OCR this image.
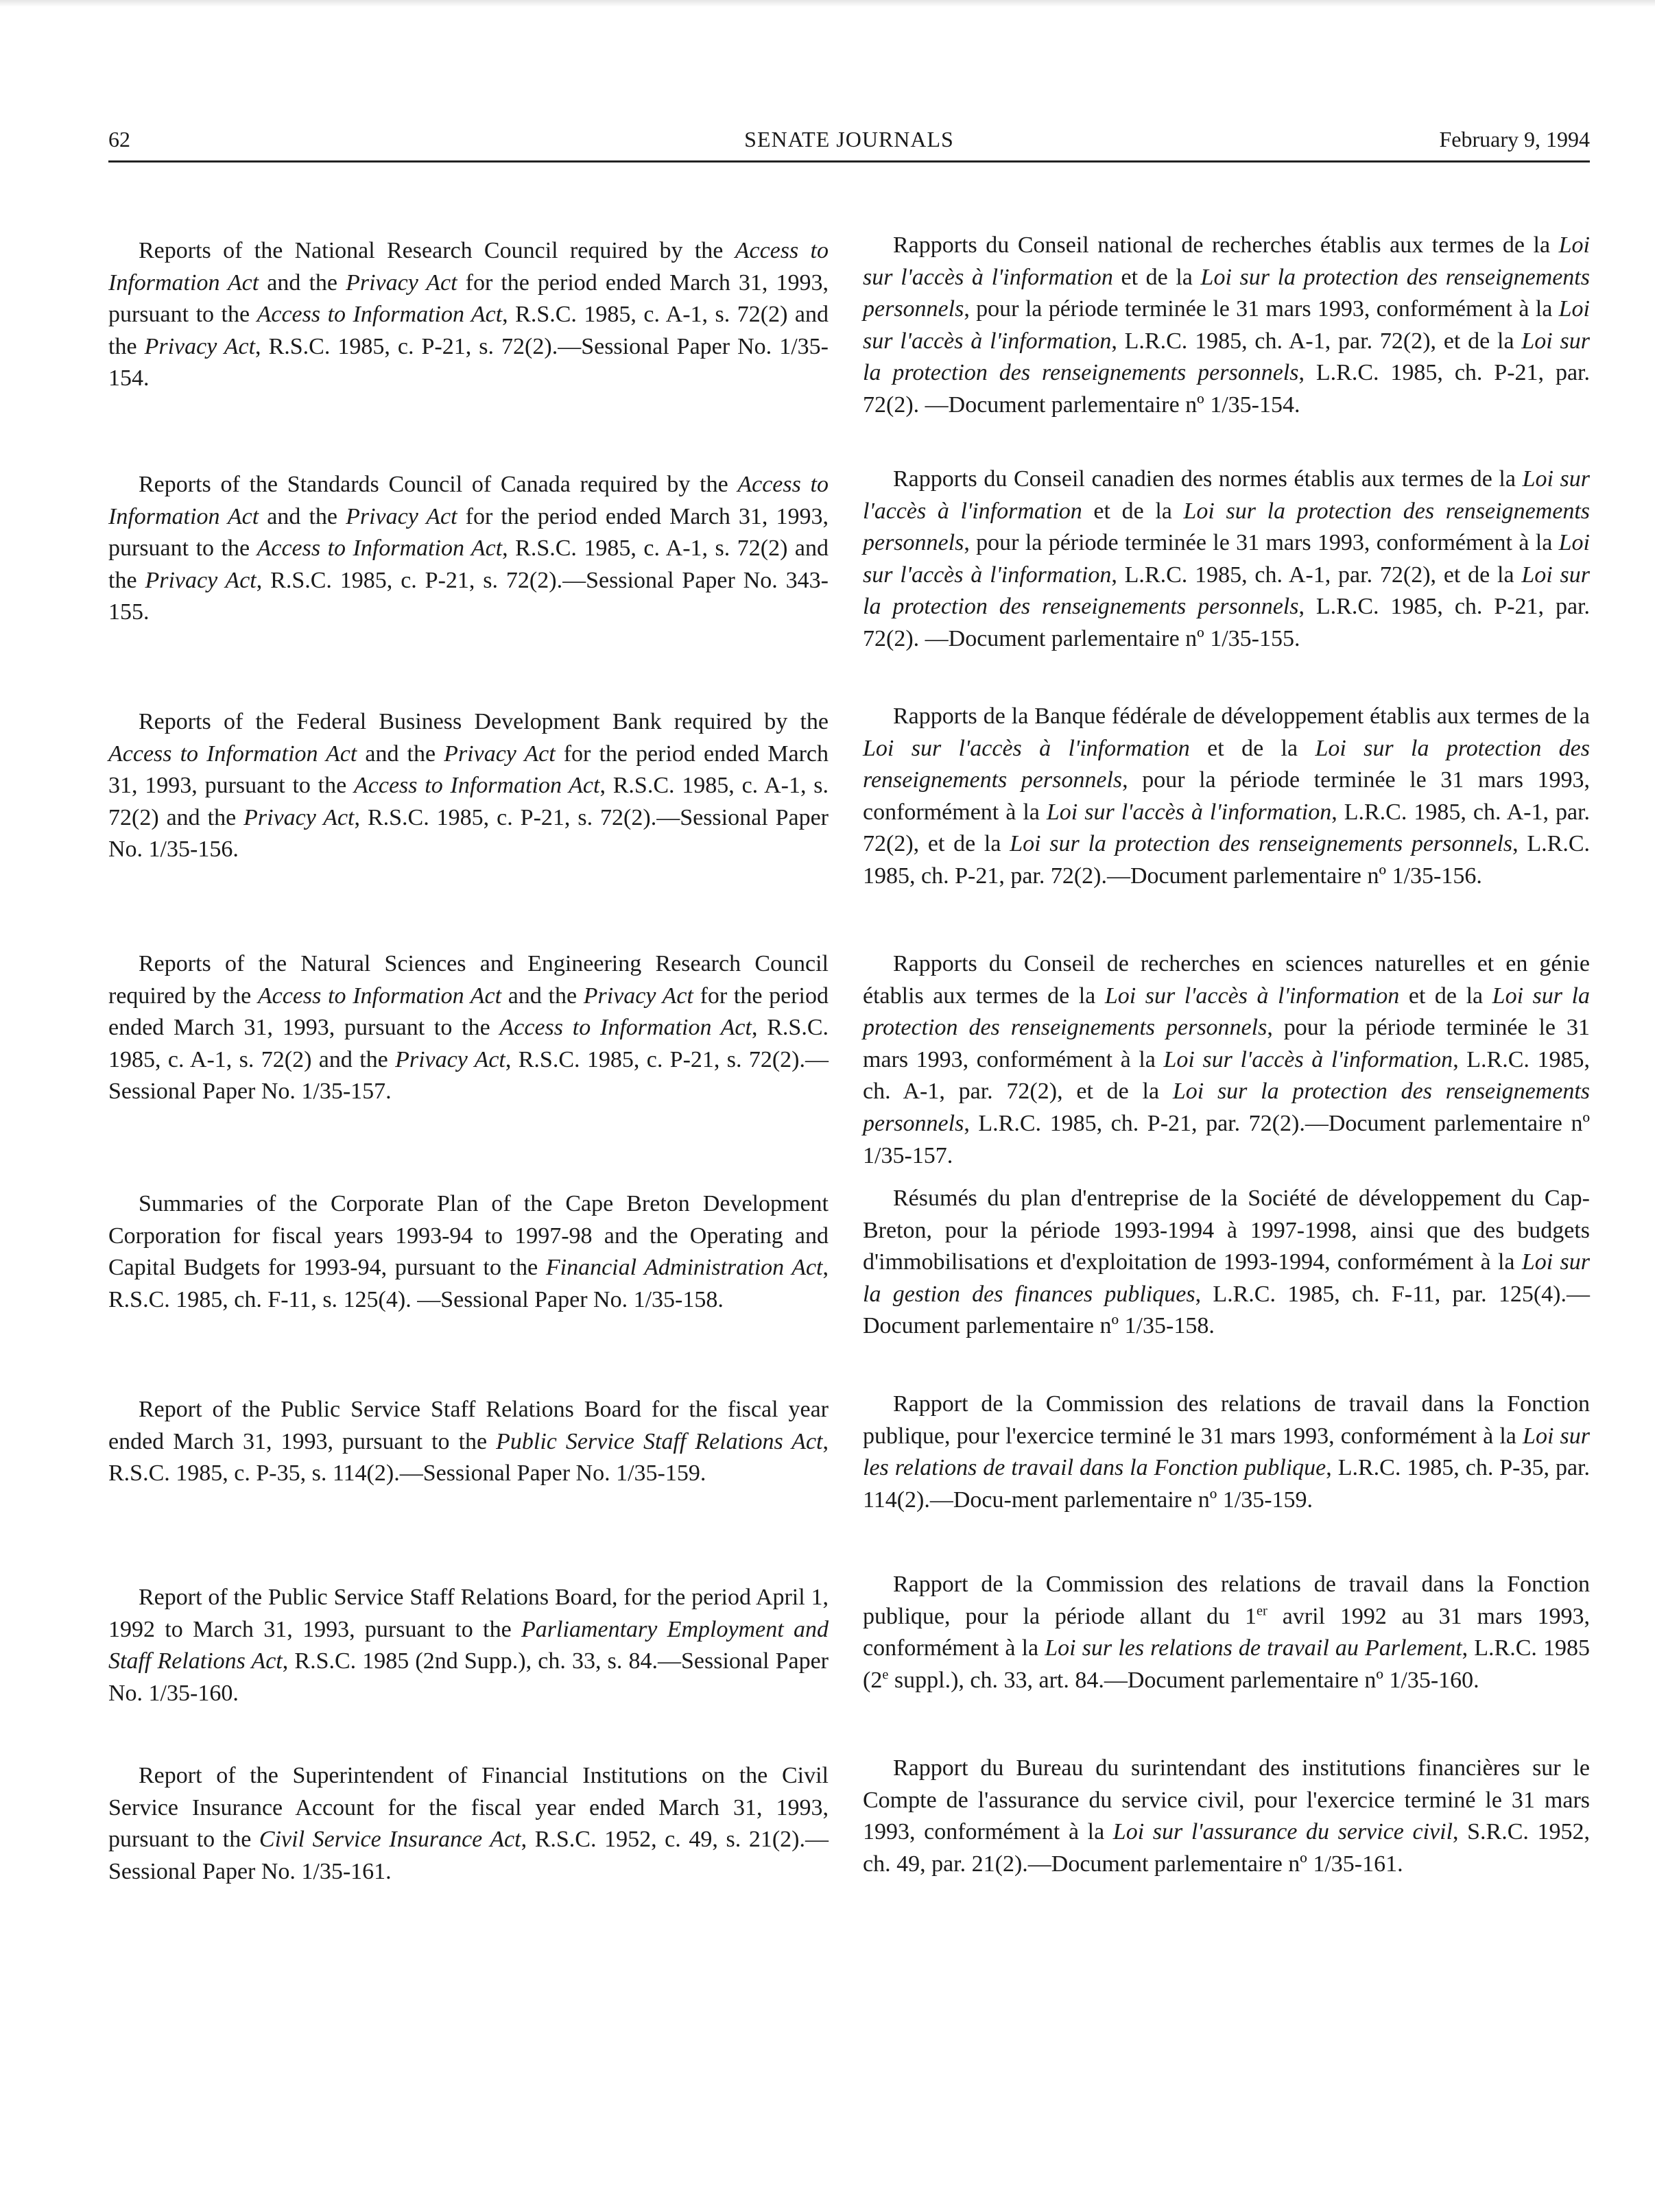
62	SENATE JOURNALS	February 9, 1994

Reports of the National Research Council required by the Access to Information Act and the Privacy Act for the period ended March 31, 1993, pursuant to the Access to Information Act, R.S.C. 1985, c. A-1, s. 72(2) and the Privacy Act, R.S.C. 1985, c. P-21, s. 72(2).—Sessional Paper No. 1/35-154.

Rapports du Conseil national de recherches établis aux termes de la Loi sur l'accès à l'information et de la Loi sur la protection des renseignements personnels, pour la période terminée le 31 mars 1993, conformément à la Loi sur l'accès à l'information, L.R.C. 1985, ch. A-1, par. 72(2), et de la Loi sur la protection des renseignements personnels, L.R.C. 1985, ch. P-21, par. 72(2). —Document parlementaire nº 1/35-154.

Reports of the Standards Council of Canada required by the Access to Information Act and the Privacy Act for the period ended March 31, 1993, pursuant to the Access to Information Act, R.S.C. 1985, c. A-1, s. 72(2) and the Privacy Act, R.S.C. 1985, c. P-21, s. 72(2).—Sessional Paper No. 343-155.

Rapports du Conseil canadien des normes établis aux termes de la Loi sur l'accès à l'information et de la Loi sur la protection des renseignements personnels, pour la période terminée le 31 mars 1993, conformément à la Loi sur l'accès à l'information, L.R.C. 1985, ch. A-1, par. 72(2), et de la Loi sur la protection des renseignements personnels, L.R.C. 1985, ch. P-21, par. 72(2). —Document parlementaire nº 1/35-155.

Reports of the Federal Business Development Bank required by the Access to Information Act and the Privacy Act for the period ended March 31, 1993, pursuant to the Access to Information Act, R.S.C. 1985, c. A-1, s. 72(2) and the Privacy Act, R.S.C. 1985, c. P-21, s. 72(2).—Sessional Paper No. 1/35-156.

Rapports de la Banque fédérale de développement établis aux termes de la Loi sur l'accès à l'information et de la Loi sur la protection des renseignements personnels, pour la période terminée le 31 mars 1993, conformément à la Loi sur l'accès à l'information, L.R.C. 1985, ch. A-1, par. 72(2), et de la Loi sur la protection des renseignements personnels, L.R.C. 1985, ch. P-21, par. 72(2).—Document parlementaire nº 1/35-156.

Reports of the Natural Sciences and Engineering Research Council required by the Access to Information Act and the Privacy Act for the period ended March 31, 1993, pursuant to the Access to Information Act, R.S.C. 1985, c. A-1, s. 72(2) and the Privacy Act, R.S.C. 1985, c. P-21, s. 72(2).—Sessional Paper No. 1/35-157.

Rapports du Conseil de recherches en sciences naturelles et en génie établis aux termes de la Loi sur l'accès à l'information et de la Loi sur la protection des renseignements personnels, pour la période terminée le 31 mars 1993, conformément à la Loi sur l'accès à l'information, L.R.C. 1985, ch. A-1, par. 72(2), et de la Loi sur la protection des renseignements personnels, L.R.C. 1985, ch. P-21, par. 72(2).—Document parlementaire nº 1/35-157.

Summaries of the Corporate Plan of the Cape Breton Development Corporation for fiscal years 1993-94 to 1997-98 and the Operating and Capital Budgets for 1993-94, pursuant to the Financial Administration Act, R.S.C. 1985, ch. F-11, s. 125(4). —Sessional Paper No. 1/35-158.

Résumés du plan d'entreprise de la Société de développement du Cap-Breton, pour la période 1993-1994 à 1997-1998, ainsi que des budgets d'immobilisations et d'exploitation de 1993-1994, conformément à la Loi sur la gestion des finances publiques, L.R.C. 1985, ch. F-11, par. 125(4).—Document parlementaire nº 1/35-158.

Report of the Public Service Staff Relations Board for the fiscal year ended March 31, 1993, pursuant to the Public Service Staff Relations Act, R.S.C. 1985, c. P-35, s. 114(2).—Sessional Paper No. 1/35-159.

Rapport de la Commission des relations de travail dans la Fonction publique, pour l'exercice terminé le 31 mars 1993, conformément à la Loi sur les relations de travail dans la Fonction publique, L.R.C. 1985, ch. P-35, par. 114(2).—Docu-ment parlementaire nº 1/35-159.

Report of the Public Service Staff Relations Board, for the period April 1, 1992 to March 31, 1993, pursuant to the Parliamentary Employment and Staff Relations Act, R.S.C. 1985 (2nd Supp.), ch. 33, s. 84.—Sessional Paper No. 1/35-160.

Rapport de la Commission des relations de travail dans la Fonction publique, pour la période allant du 1er avril 1992 au 31 mars 1993, conformément à la Loi sur les relations de travail au Parlement, L.R.C. 1985 (2e suppl.), ch. 33, art. 84.—Document parlementaire nº 1/35-160.

Report of the Superintendent of Financial Institutions on the Civil Service Insurance Account for the fiscal year ended March 31, 1993, pursuant to the Civil Service Insurance Act, R.S.C. 1952, c. 49, s. 21(2).—Sessional Paper No. 1/35-161.

Rapport du Bureau du surintendant des institutions financières sur le Compte de l'assurance du service civil, pour l'exercice terminé le 31 mars 1993, conformément à la Loi sur l'assurance du service civil, S.R.C. 1952, ch. 49, par. 21(2).—Document parlementaire nº 1/35-161.
